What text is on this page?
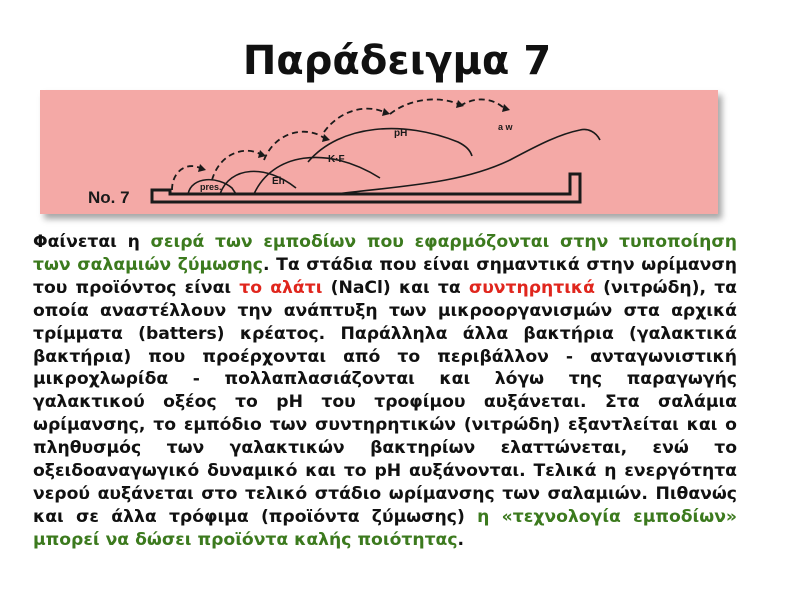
Παράδειγμα 7
No. 7
pres.	Eh
K·F
pH
a w
Φαίνεται η σειρά των εμποδίων που εφαρμόζονται στην τυποποίηση των σαλαμιών ζύμωσης. Τα στάδια που είναι σημαντικά στην ωρίμανση του προϊόντος είναι το αλάτι (NaCl) και τα συντηρητικά (νιτρώδη), τα οποία αναστέλλουν την ανάπτυξη των μικροοργανισμών στα αρχικά τρίμματα (batters) κρέατος. Παράλληλα άλλα βακτήρια (γαλακτικά βακτήρια) που προέρχονται από το περιβάλλον - ανταγωνιστική μικροχλωρίδα - πολλαπλασιάζονται και λόγω της παραγωγής γαλακτικού οξέος το pH του τροφίμου αυξάνεται. Στα σαλάμια ωρίμανσης, το εμπόδιο των συντηρητικών (νιτρώδη) εξαντλείται και ο πληθυσμός των γαλακτικών βακτηρίων ελαττώνεται, ενώ το οξειδοαναγωγικό δυναμικό και το pH αυξάνονται. Τελικά η ενεργότητα νερού αυξάνεται στο τελικό στάδιο ωρίμανσης των σαλαμιών. Πιθανώς και σε άλλα τρόφιμα (προϊόντα ζύμωσης) η «τεχνολογία εμποδίων» μπορεί να δώσει προϊόντα καλής ποιότητας.
